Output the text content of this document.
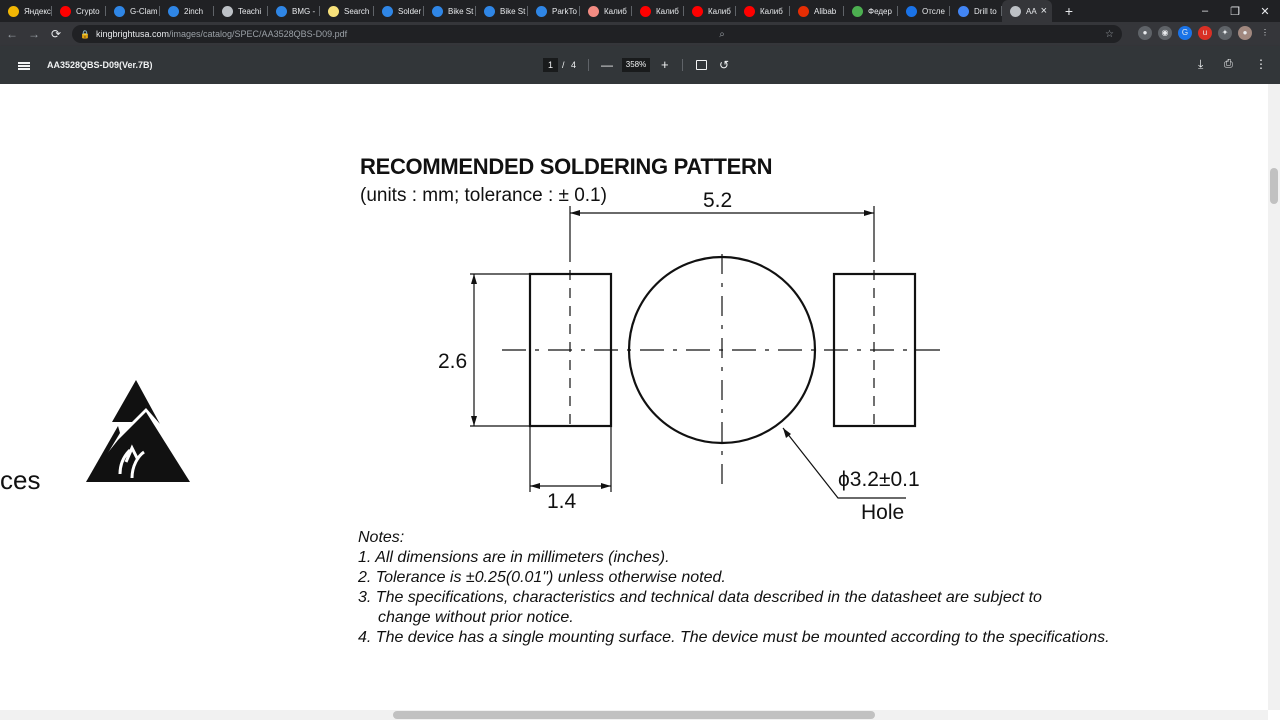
Яндекс	Crypto	G-Clam	2inch	Teachi	BMG -	Search	Solder	Bike St	Bike St	ParkTo	Калиб	Калиб	Калиб	Калиб	Alibab	Федер	Отсле	Drill to	AA ×	+	–	❐	✕
← → ⟳	🔒 kingbrightusa.com /images/catalog/SPEC/AA3528QBS-D09.pdf	⌕	☆	●	◉	G	u	✦	●	⋮
AA3528QBS-D09(Ver.7B)	1	/ 4 —	358% +	↺	⤓ ⎙ ⋮
ces
RECOMMENDED SOLDERING PATTERN
(units : mm; tolerance : ± 0.1)	5.2
2.6
1.4
ϕ3.2±0.1
Hole
Notes:
1. All dimensions are in millimeters (inches).
2. Tolerance is ±0.25(0.01") unless otherwise noted.
3. The specifications, characteristics and technical data described in the datasheet are subject to
change without prior notice.
4. The device has a single mounting surface. The device must be mounted according to the specifications.
